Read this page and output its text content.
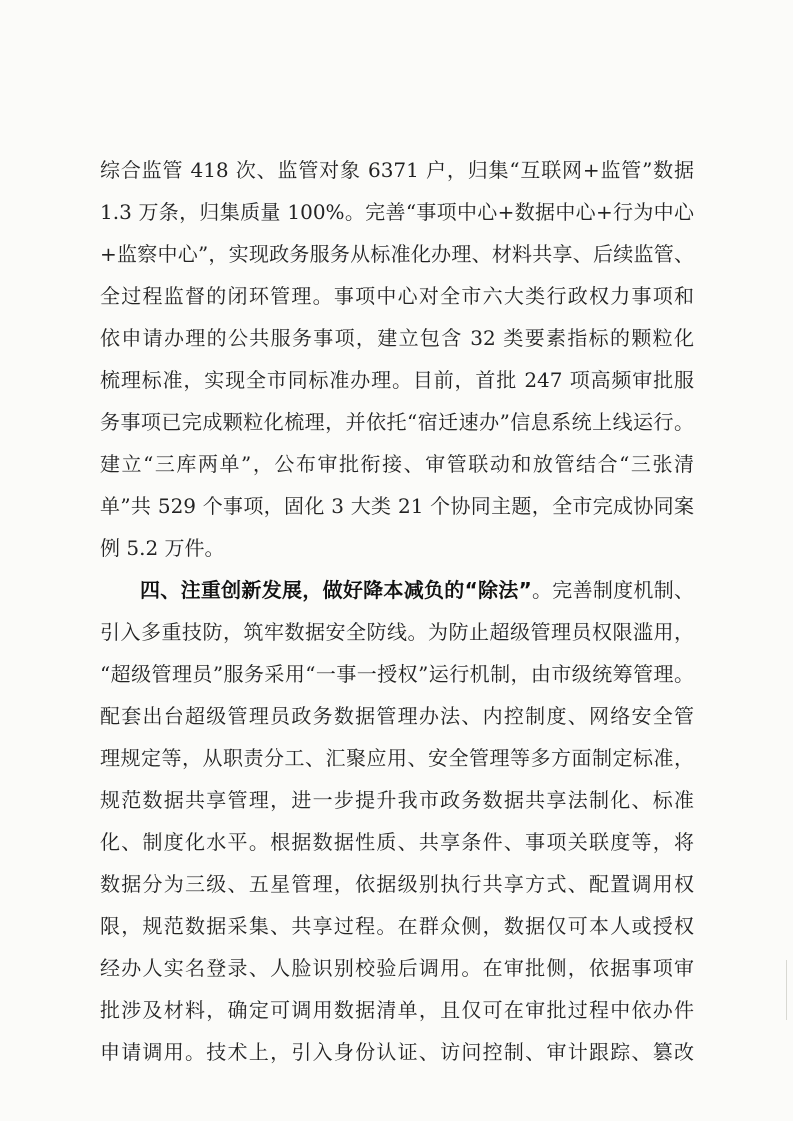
综合监管 418 次、监管对象 6371 户，归集“互联网+监管”数据
1.3 万条，归集质量 100%。完善“事项中心+数据中心+行为中心
+监察中心”，实现政务服务从标准化办理、材料共享、后续监管、
全过程监督的闭环管理。事项中心对全市六大类行政权力事项和
依申请办理的公共服务事项，建立包含 32 类要素指标的颗粒化
梳理标准，实现全市同标准办理。目前，首批 247 项高频审批服
务事项已完成颗粒化梳理，并依托“宿迁速办”信息系统上线运行。
建立“三库两单”，公布审批衔接、审管联动和放管结合“三张清
单”共 529 个事项，固化 3 大类 21 个协同主题，全市完成协同案
例 5.2 万件。
四、注重创新发展，做好降本减负的“除法”。完善制度机制、
引入多重技防，筑牢数据安全防线。为防止超级管理员权限滥用，
“超级管理员”服务采用“一事一授权”运行机制，由市级统筹管理。
配套出台超级管理员政务数据管理办法、内控制度、网络安全管
理规定等，从职责分工、汇聚应用、安全管理等多方面制定标准，
规范数据共享管理，进一步提升我市政务数据共享法制化、标准
化、制度化水平。根据数据性质、共享条件、事项关联度等，将
数据分为三级、五星管理，依据级别执行共享方式、配置调用权
限，规范数据采集、共享过程。在群众侧，数据仅可本人或授权
经办人实名登录、人脸识别校验后调用。在审批侧，依据事项审
批涉及材料，确定可调用数据清单，且仅可在审批过程中依办件
申请调用。技术上，引入身份认证、访问控制、审计跟踪、篡改
